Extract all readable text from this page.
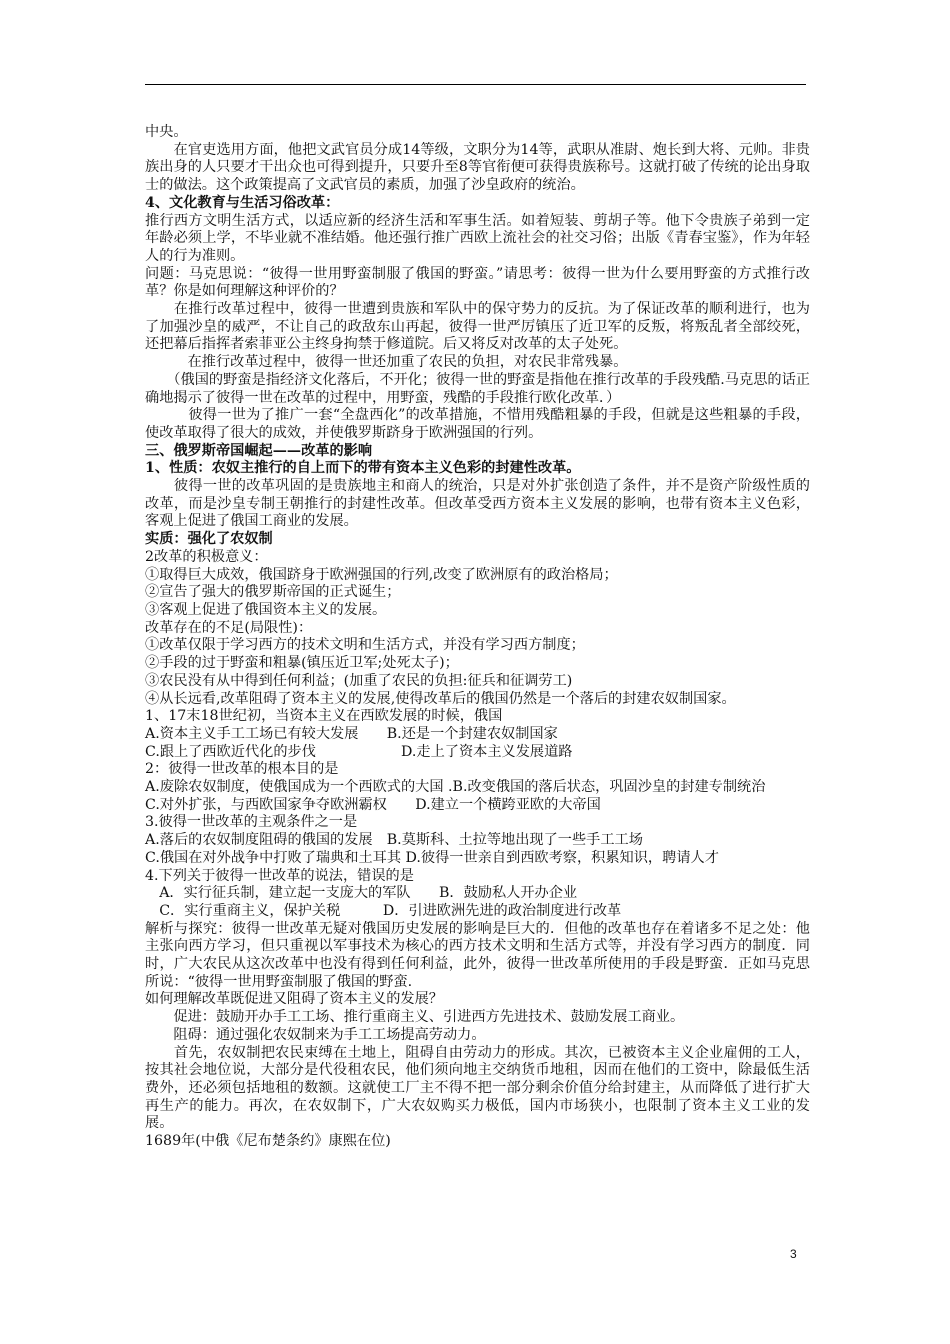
中央。

　　在官吏选用方面，他把文武官员分成14等级，文职分为14等，武职从准尉、炮长到大将、元帅。非贵族出身的人只要才干出众也可得到提升，只要升至8等官衔便可获得贵族称号。这就打破了传统的论出身取士的做法。这个政策提高了文武官员的素质，加强了沙皇政府的统治。

4、文化教育与生活习俗改革：

推行西方文明生活方式，以适应新的经济生活和军事生活。如着短装、剪胡子等。他下令贵族子弟到一定年龄必须上学，不毕业就不准结婚。他还强行推广西欧上流社会的社交习俗；出版《青春宝鉴》，作为年轻人的行为准则。

问题：马克思说：“彼得一世用野蛮制服了俄国的野蛮。”请思考：彼得一世为什么要用野蛮的方式推行改革？你是如何理解这种评价的？

　　在推行改革过程中，彼得一世遭到贵族和军队中的保守势力的反抗。为了保证改革的顺利进行，也为了加强沙皇的威严，不让自己的政敌东山再起，彼得一世严厉镇压了近卫军的反叛，将叛乱者全部绞死，还把幕后指挥者索菲亚公主终身拘禁于修道院。后又将反对改革的太子处死。

　　　在推行改革过程中，彼得一世还加重了农民的负担，对农民非常残暴。

　　（俄国的野蛮是指经济文化落后，不开化；彼得一世的野蛮是指他在推行改革的手段残酷.马克思的话正确地揭示了彼得一世在改革的过程中，用野蛮，残酷的手段推行欧化改革．）

　　　彼得一世为了推广一套“全盘西化”的改革措施，不惜用残酷粗暴的手段，但就是这些粗暴的手段，使改革取得了很大的成效，并使俄罗斯跻身于欧洲强国的行列。

三、俄罗斯帝国崛起——改革的影响

1、性质：农奴主推行的自上而下的带有资本主义色彩的封建性改革。

　　彼得一世的改革巩固的是贵族地主和商人的统治，只是对外扩张创造了条件，并不是资产阶级性质的改革，而是沙皇专制王朝推行的封建性改革。但改革受西方资本主义发展的影响，也带有资本主义色彩，客观上促进了俄国工商业的发展。

实质：强化了农奴制

2改革的积极意义：

①取得巨大成效，俄国跻身于欧洲强国的行列,改变了欧洲原有的政治格局；

②宣告了强大的俄罗斯帝国的正式诞生；

③客观上促进了俄国资本主义的发展。

改革存在的不足(局限性)：

①改革仅限于学习西方的技术文明和生活方式，并没有学习西方制度；

②手段的过于野蛮和粗暴(镇压近卫军;处死太子)；

③农民没有从中得到任何利益；(加重了农民的负担:征兵和征调劳工)

④从长远看,改革阻碍了资本主义的发展,使得改革后的俄国仍然是一个落后的封建农奴制国家。

1、17末18世纪初，当资本主义在西欧发展的时候，俄国

A.资本主义手工工场已有较大发展　　B.还是一个封建农奴制国家

C.跟上了西欧近代化的步伐　　　　　　D.走上了资本主义发展道路

2：彼得一世改革的根本目的是

A.废除农奴制度，使俄国成为一个西欧式的大国 .B.改变俄国的落后状态，巩固沙皇的封建专制统治

C.对外扩张，与西欧国家争夺欧洲霸权　　D.建立一个横跨亚欧的大帝国

3.彼得一世改革的主观条件之一是

A.落后的农奴制度阻碍的俄国的发展　B.莫斯科、土拉等地出现了一些手工工场

C.俄国在对外战争中打败了瑞典和土耳其 D.彼得一世亲自到西欧考察，积累知识，聘请人才

4.下列关于彼得一世改革的说法，错误的是

　A．实行征兵制，建立起一支庞大的军队　　B．鼓励私人开办企业

　C．实行重商主义，保护关税　　　D．引进欧洲先进的政治制度进行改革

解析与探究：彼得一世改革无疑对俄国历史发展的影响是巨大的．但他的改革也存在着诸多不足之处：他主张向西方学习，但只重视以军事技术为核心的西方技术文明和生活方式等，并没有学习西方的制度．同时，广大农民从这次改革中也没有得到任何利益，此外，彼得一世改革所使用的手段是野蛮．正如马克思所说：“彼得一世用野蛮制服了俄国的野蛮.

如何理解改革既促进又阻碍了资本主义的发展？

　　促进：鼓励开办手工工场、推行重商主义、引进西方先进技术、鼓励发展工商业。

　　阻碍：通过强化农奴制来为手工工场提高劳动力。

　　首先，农奴制把农民束缚在土地上，阻碍自由劳动力的形成。其次，已被资本主义企业雇佣的工人，按其社会地位说，大部分是代役租农民，他们须向地主交纳货币地租，因而在他们的工资中，除最低生活费外，还必须包括地租的数额。这就使工厂主不得不把一部分剩余价值分给封建主，从而降低了进行扩大再生产的能力。再次，在农奴制下，广大农奴购买力极低，国内市场狭小，也限制了资本主义工业的发展。

1689年(中俄《尼布楚条约》康熙在位)

3
